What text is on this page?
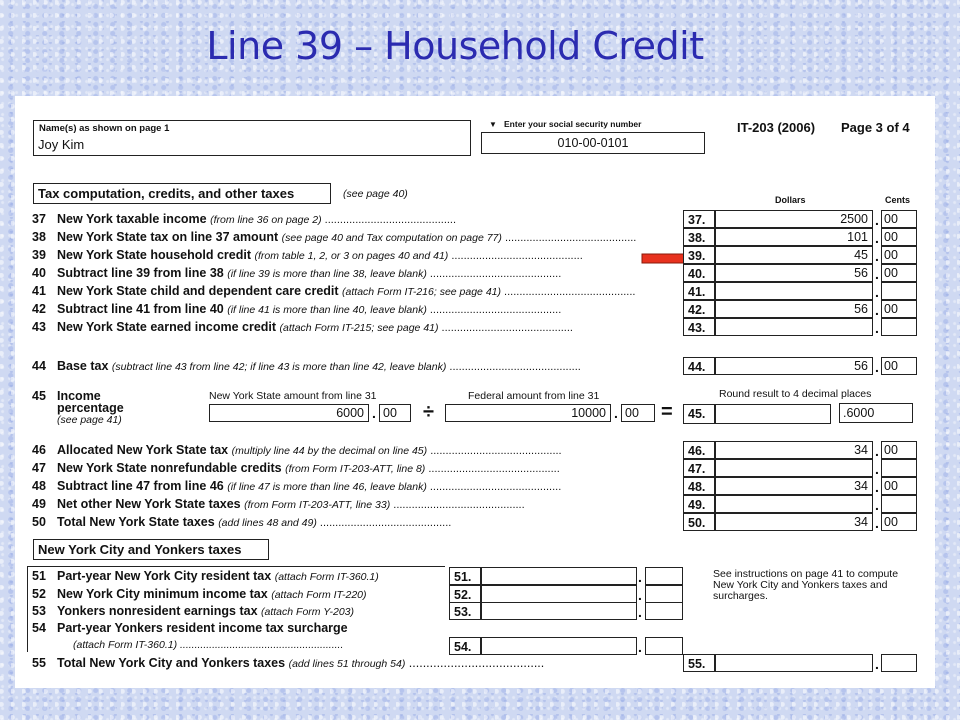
Line 39 – Household Credit
Name(s) as shown on page 1
Joy Kim
▼ Enter your social security number
010-00-0101
IT-203 (2006) Page 3 of 4
Tax computation, credits, and other taxes	(see page 40)	Dollars	Cents
45 Income
percentage
(see page 41)
New York State amount from line 31
6000 . 00 ÷
Federal amount from line 31
10000 . 00 = 45.
Round result to 4 decimal places
.6000
New York City and Yonkers taxes
See instructions on page 41 to compute New York City and Yonkers taxes and surcharges.
55 Total New York City and Yonkers taxes (add lines 51 through 54) .......................................	55.	.
37 New York taxable income (from line 36 on page 2) ...........................................	37.	2500 . 00
38 New York State tax on line 37 amount (see page 40 and Tax computation on page 77) ...........................................	38.	101 . 00
39 New York State household credit (from table 1, 2, or 3 on pages 40 and 41) ...........................................	39.	45 . 00
40 Subtract line 39 from line 38 (if line 39 is more than line 38, leave blank) ...........................................	40.	56 . 00
41 New York State child and dependent care credit (attach Form IT-216; see page 41) ...........................................	41.	.
42 Subtract line 41 from line 40 (if line 41 is more than line 40, leave blank) ...........................................	42.	56 . 00
43 New York State earned income credit (attach Form IT-215; see page 41) ...........................................	43.	.
44 Base tax (subtract line 43 from line 42; if line 43 is more than line 42, leave blank) ...........................................	44.	56 . 00
46 Allocated New York State tax (multiply line 44 by the decimal on line 45) ...........................................	46.	34 . 00
47 New York State nonrefundable credits (from Form IT-203-ATT, line 8) ...........................................	47.	.
48 Subtract line 47 from line 46 (if line 47 is more than line 46, leave blank) ...........................................	48.	34 . 00
49 Net other New York State taxes (from Form IT-203-ATT, line 33) ...........................................	49.	.
50 Total New York State taxes (add lines 48 and 49) ...........................................	50.	34 . 00
51 Part-year New York City resident tax (attach Form IT-360.1)	51.	.
52 New York City minimum income tax (attach Form IT-220)	52.	.
53 Yonkers nonresident earnings tax (attach Form Y-203)	53.	.
54 Part-year Yonkers resident income tax surcharge
(attach Form IT-360.1) ........................................................	54.	.
